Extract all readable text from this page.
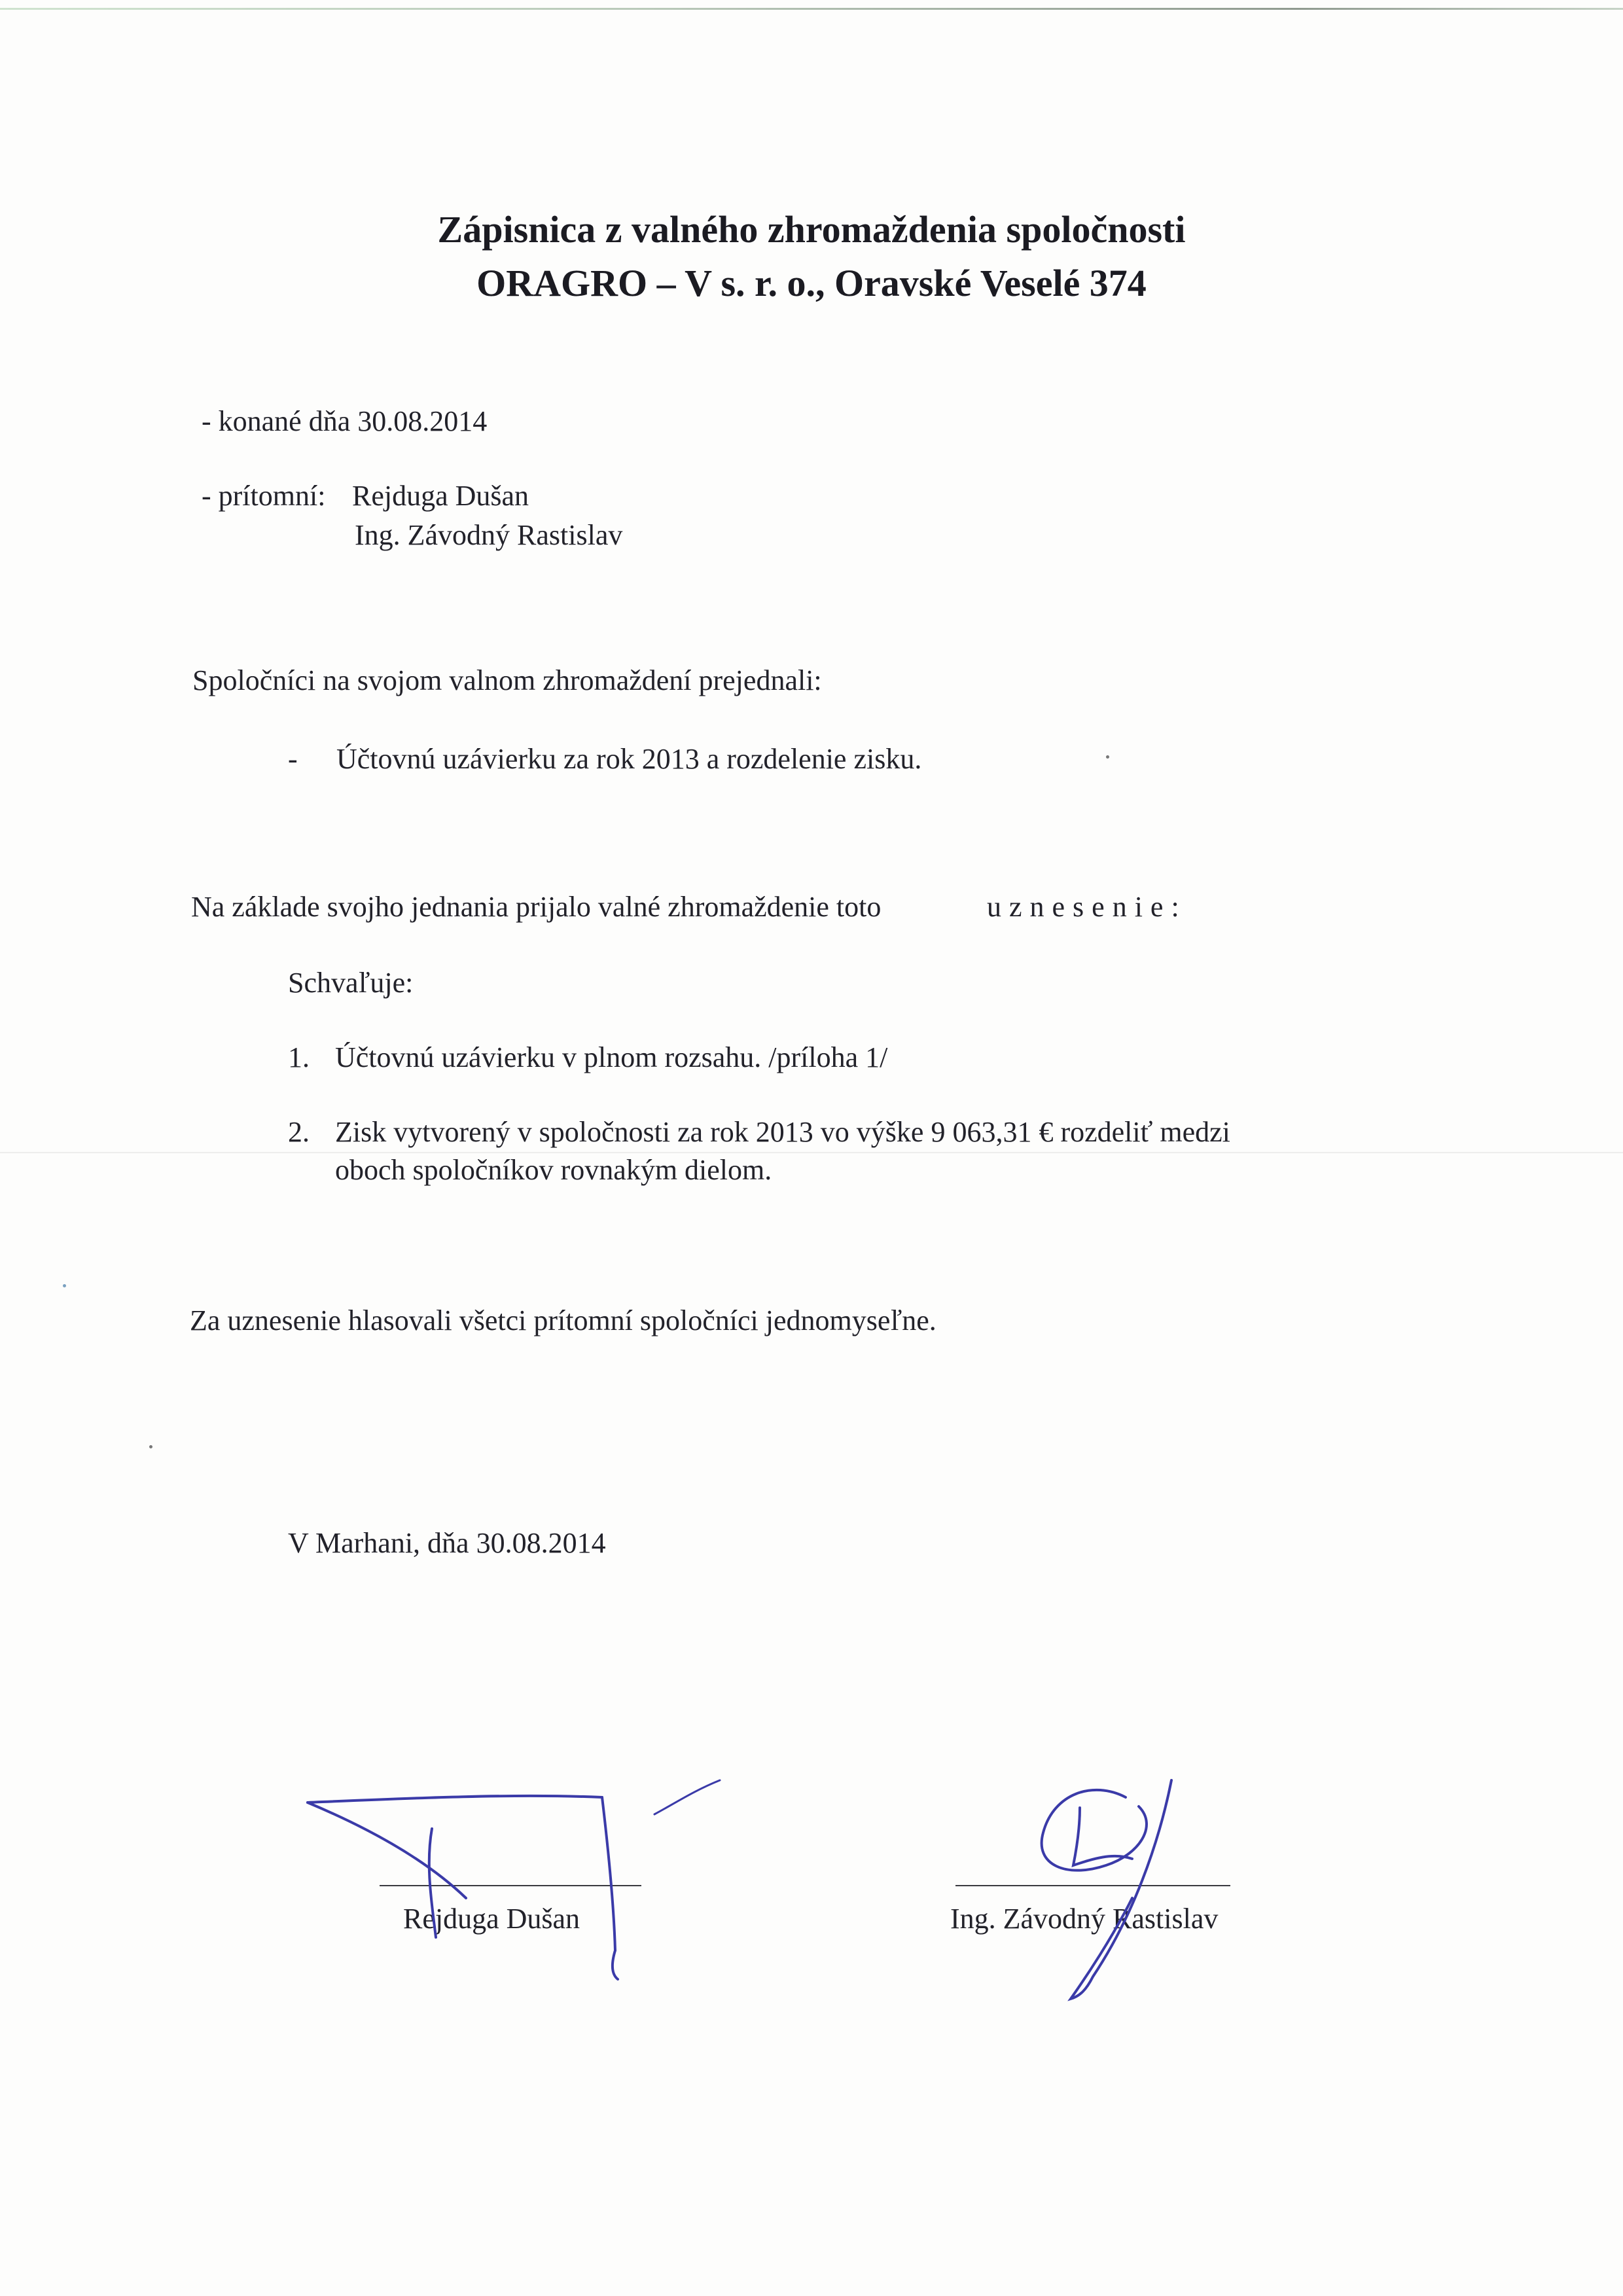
Zápisnica z valného zhromaždenia spoločnosti
ORAGRO – V s. r. o., Oravské Veselé 374
- konané dňa 30.08.2014
- prítomní: Rejduga Dušan
Ing. Závodný Rastislav
Spoločníci na svojom valnom zhromaždení prejednali:
- Účtovnú uzávierku za rok 2013 a rozdelenie zisku.
Na základe svojho jednania prijalo valné zhromaždenie toto	uznesenie:
Schvaľuje:
1. Účtovnú uzávierku v plnom rozsahu. /príloha 1/
2. Zisk vytvorený v spoločnosti za rok 2013 vo výške 9 063,31 € rozdeliť medzi
oboch spoločníkov rovnakým dielom.
Za uznesenie hlasovali všetci prítomní spoločníci jednomyseľne.
V Marhani, dňa 30.08.2014
Rejduga Dušan	Ing. Závodný Rastislav
